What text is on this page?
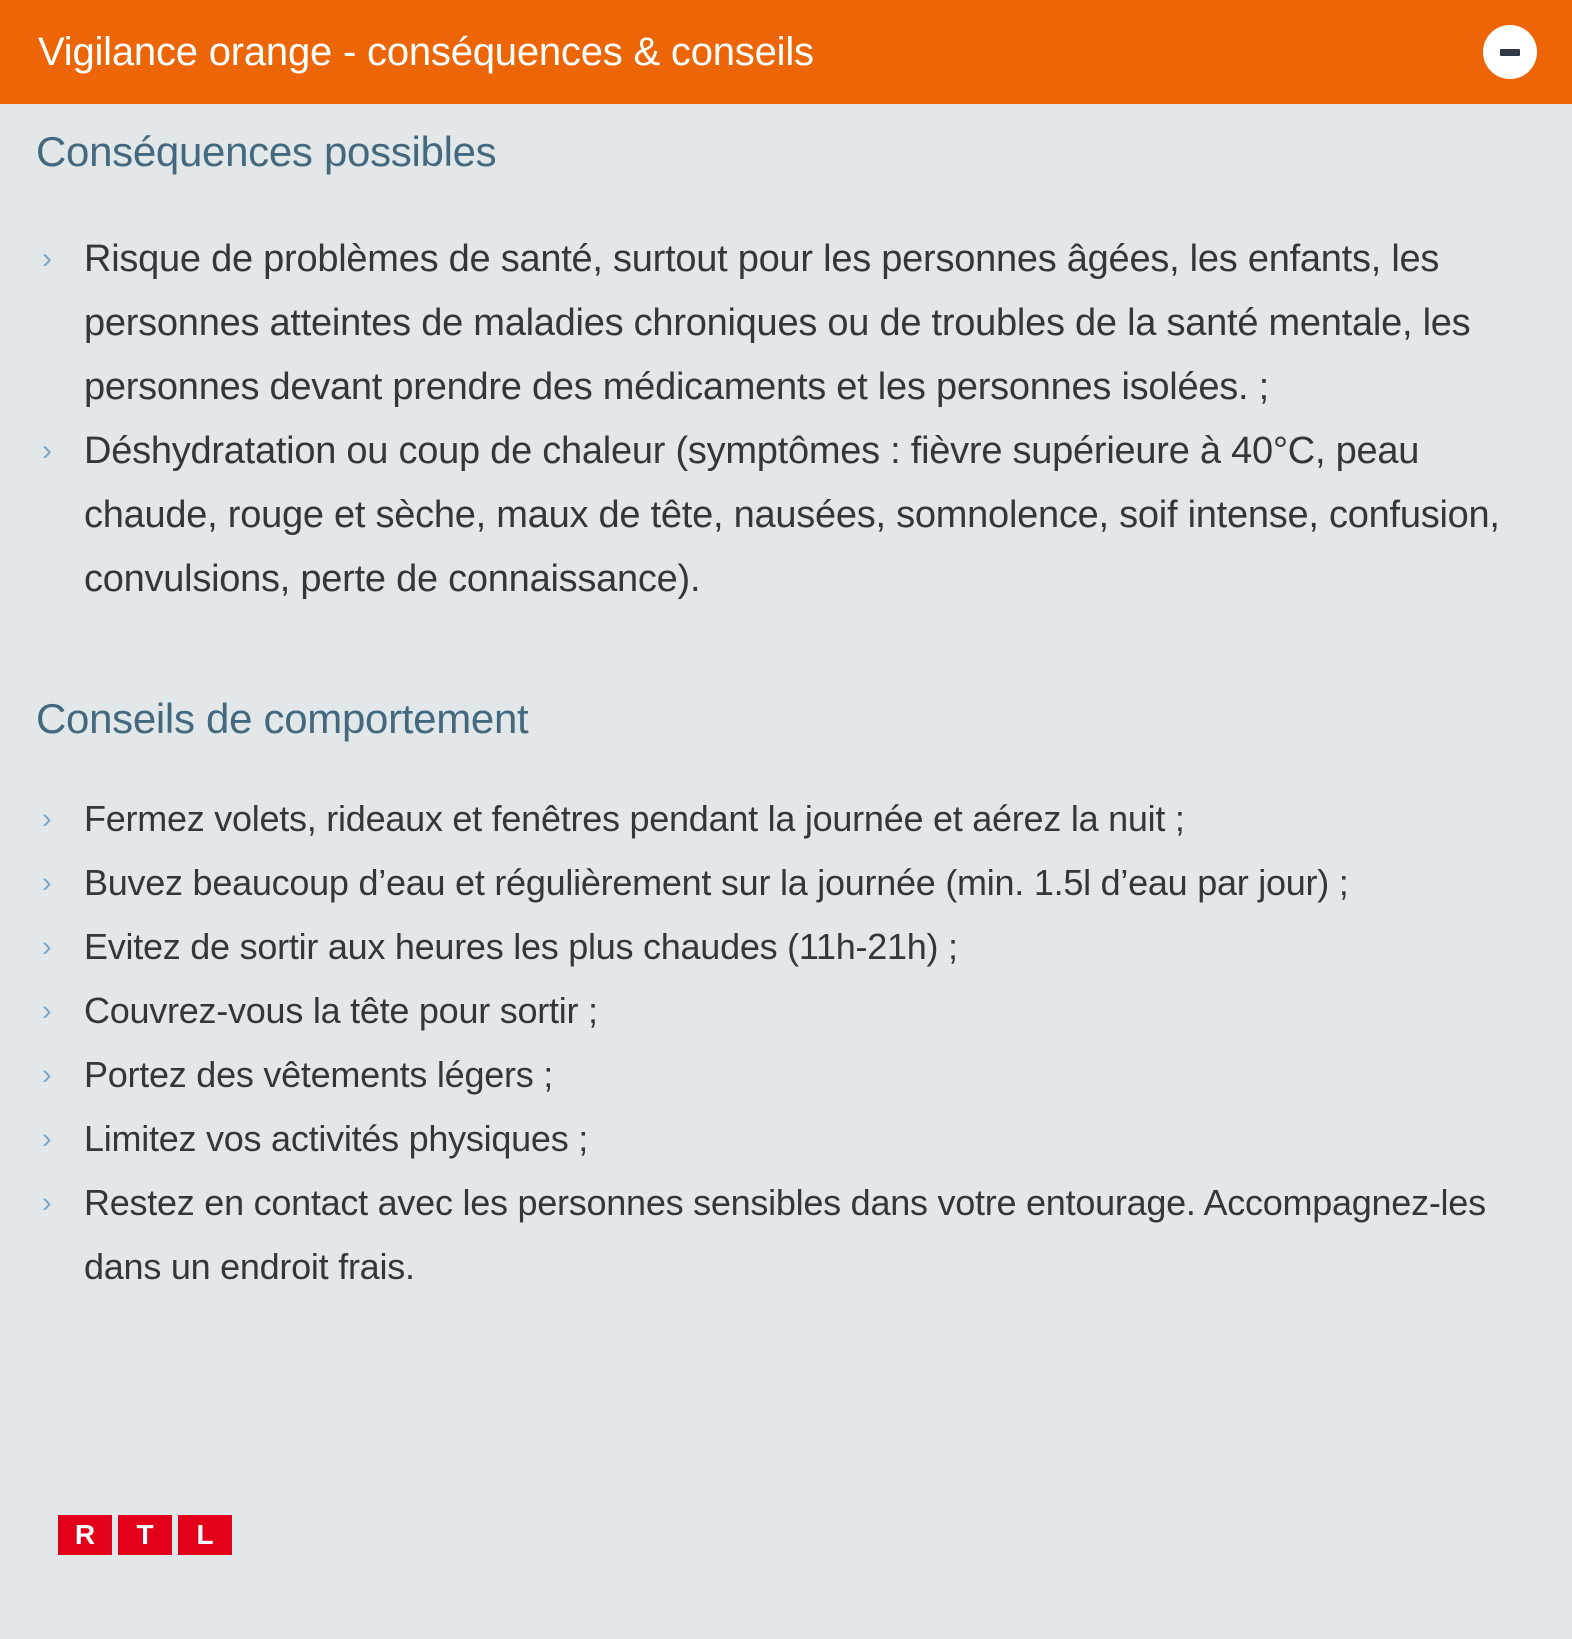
Vigilance orange - conséquences & conseils
Conséquences possibles
› Risque de problèmes de santé, surtout pour les personnes âgées, les enfants, les personnes atteintes de maladies chroniques ou de troubles de la santé mentale, les personnes devant prendre des médicaments et les personnes isolées. ;
› Déshydratation ou coup de chaleur (symptômes : fièvre supérieure à 40°C, peau chaude, rouge et sèche, maux de tête, nausées, somnolence, soif intense, confusion, convulsions, perte de connaissance).
Conseils de comportement
› Fermez volets, rideaux et fenêtres pendant la journée et aérez la nuit ;
› Buvez beaucoup d’eau et régulièrement sur la journée (min. 1.5l d’eau par jour) ;
› Evitez de sortir aux heures les plus chaudes (11h-21h) ;
› Couvrez-vous la tête pour sortir ;
› Portez des vêtements légers ;
› Limitez vos activités physiques ;
› Restez en contact avec les personnes sensibles dans votre entourage. Accompagnez-les dans un endroit frais.
R	T	L
